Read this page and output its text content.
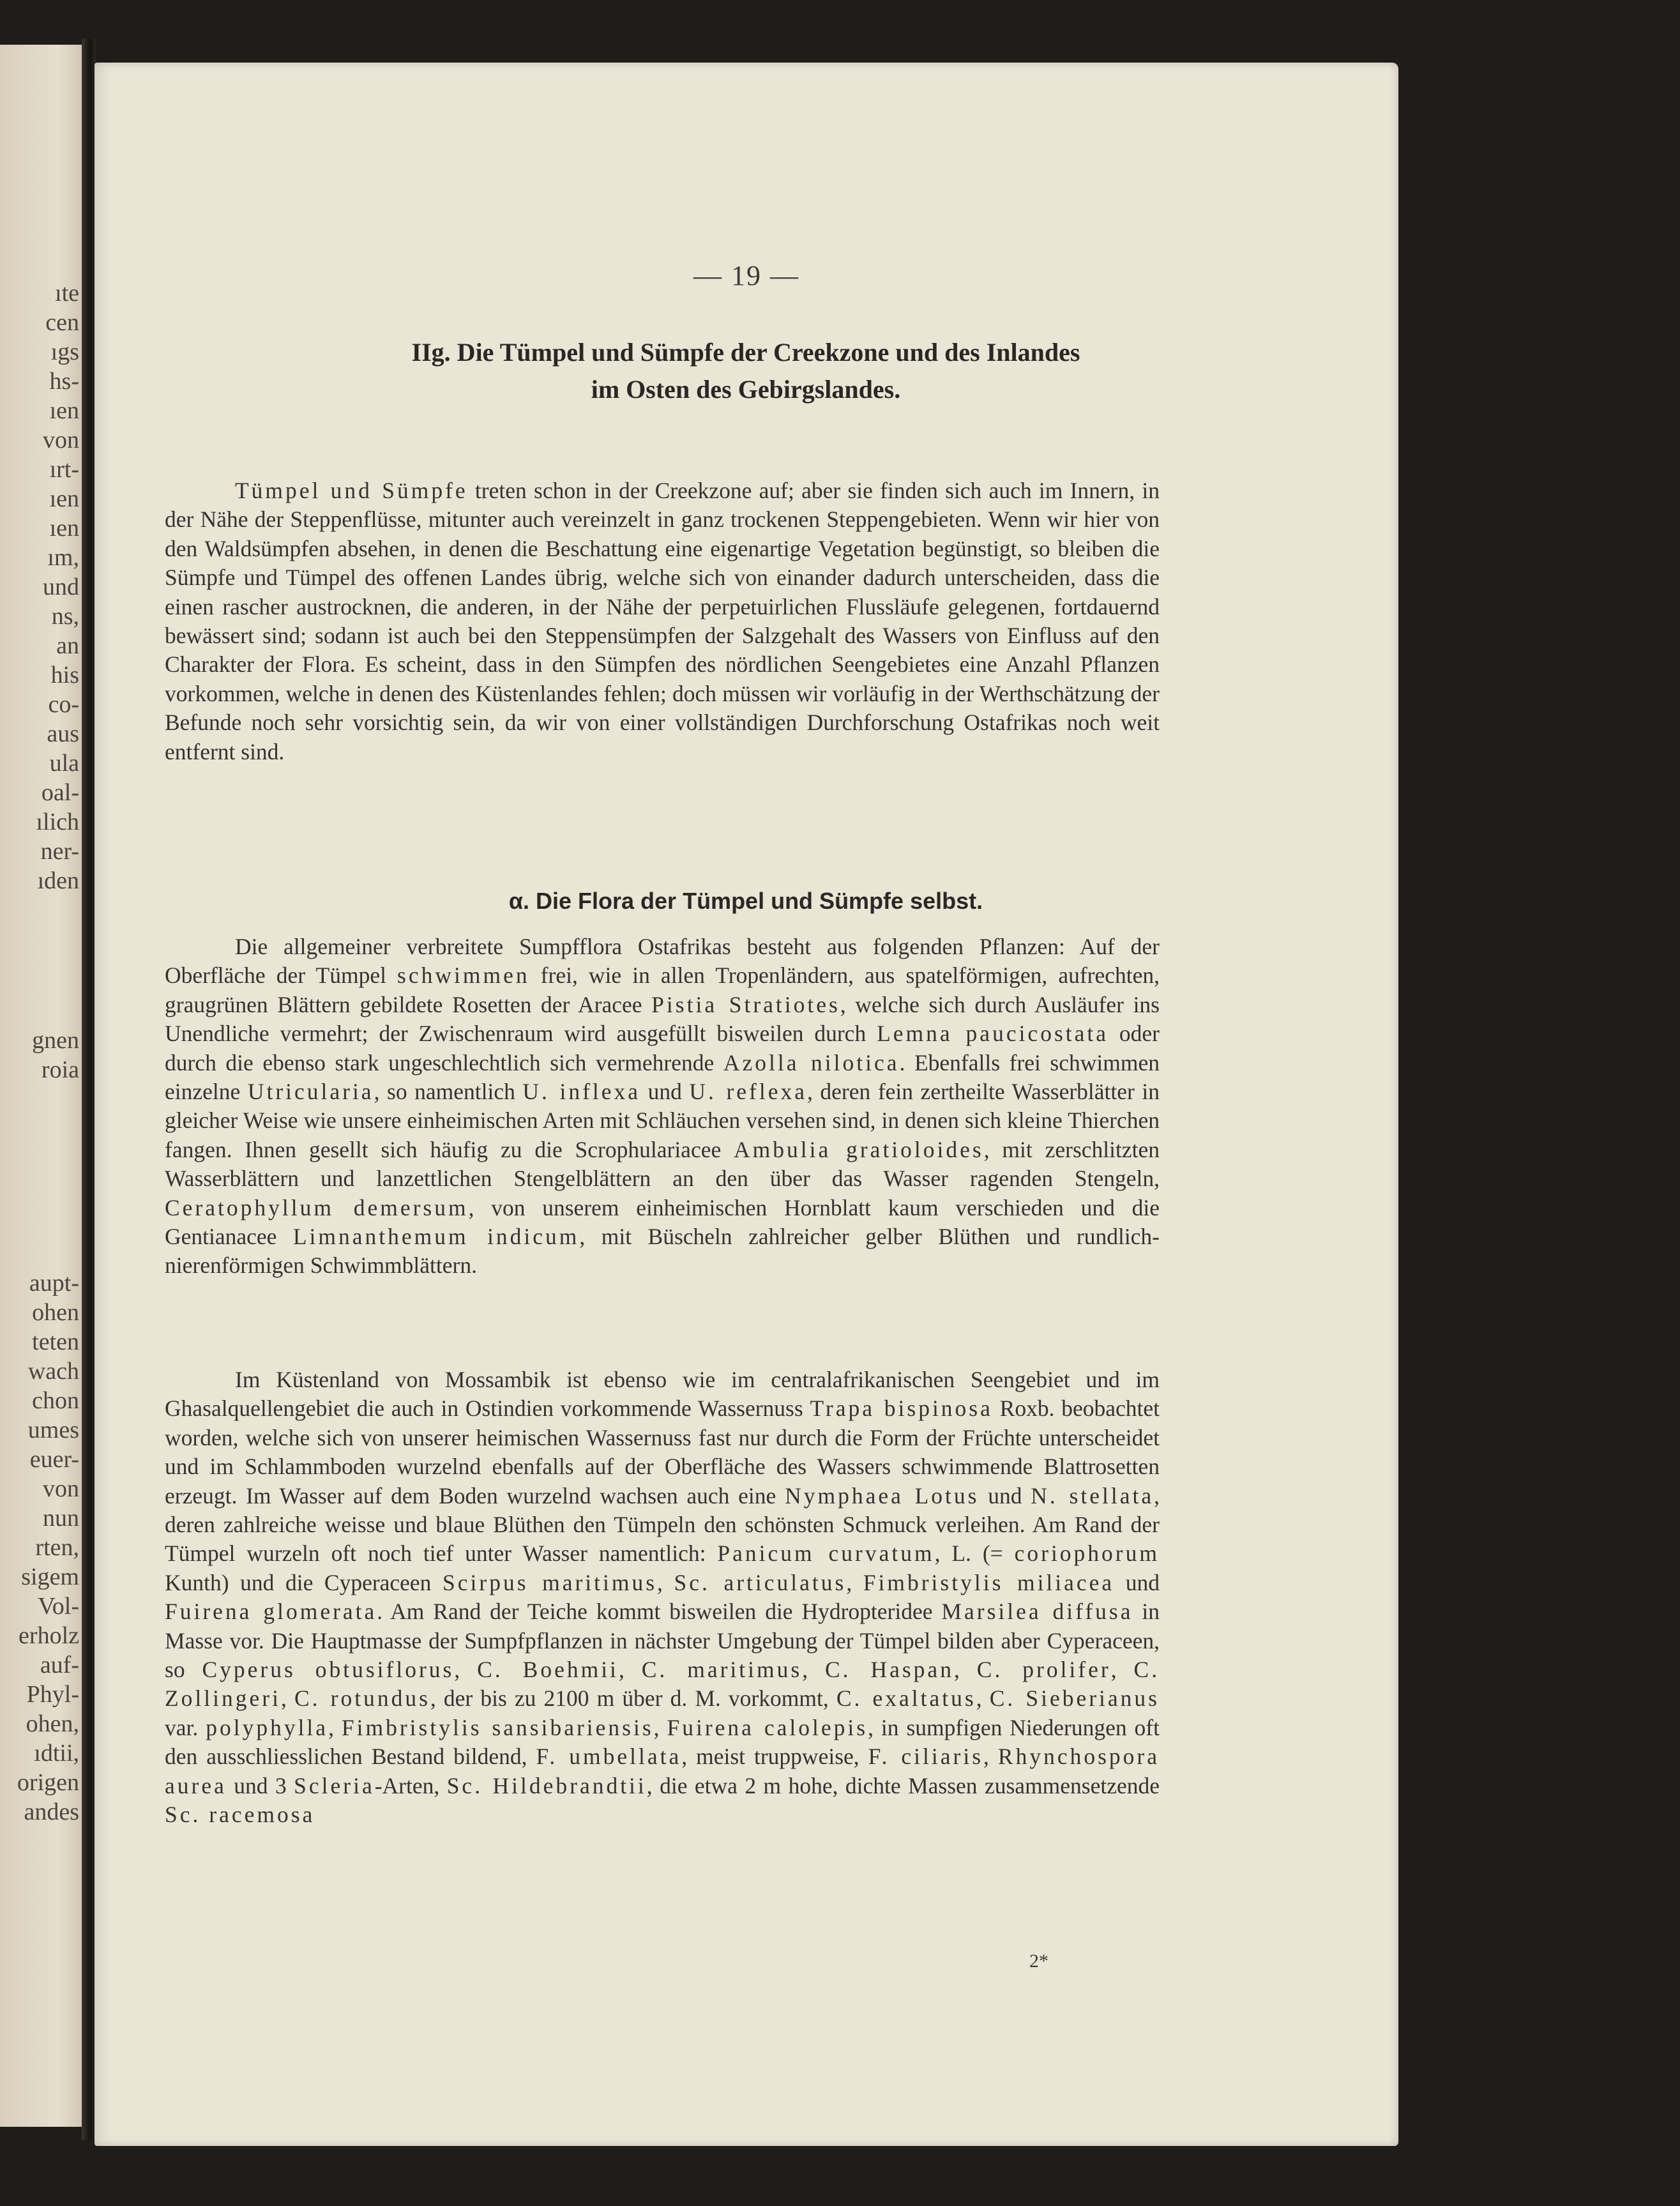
ıte
cen
ıgs
hs-
ıen
von
ırt-
ıen
ıen
ım,
und
ns,
an
his
co-
aus
ula
oal-
ılich
ner-
ıden
gnen
roia
aupt-
ohen
teten
wach
chon
umes
euer-
von
nun
rten,
sigem
Vol-
erholz
auf-
Phyl-
ohen,
ıdtii,
origen
andes
— 19 —
IIg. Die Tümpel und Sümpfe der Creekzone und des Inlandes
im Osten des Gebirgslandes.

Tümpel und Sümpfe treten schon in der Creekzone auf; aber sie finden sich auch im Innern, in der Nähe der Steppenflüsse, mitunter auch vereinzelt in ganz trockenen Steppengebieten. Wenn wir hier von den Waldsümpfen absehen, in denen die Beschattung eine eigenartige Vegetation begünstigt, so bleiben die Sümpfe und Tümpel des offenen Landes übrig, welche sich von einander dadurch unterscheiden, dass die einen rascher austrocknen, die anderen, in der Nähe der perpetuirlichen Flussläufe gelegenen, fortdauernd bewässert sind; sodann ist auch bei den Steppensümpfen der Salzgehalt des Wassers von Einfluss auf den Charakter der Flora. Es scheint, dass in den Sümpfen des nördlichen Seengebietes eine Anzahl Pflanzen vorkommen, welche in denen des Küstenlandes fehlen; doch müssen wir vorläufig in der Werthschätzung der Befunde noch sehr vorsichtig sein, da wir von einer vollständigen Durchforschung Ostafrikas noch weit entfernt sind.

α. Die Flora der Tümpel und Sümpfe selbst.

Die allgemeiner verbreitete Sumpfflora Ostafrikas besteht aus folgenden Pflanzen: Auf der Oberfläche der Tümpel schwimmen frei, wie in allen Tropenländern, aus spatelförmigen, aufrechten, graugrünen Blättern gebildete Rosetten der Aracee Pistia Stratiotes, welche sich durch Ausläufer ins Unendliche vermehrt; der Zwischenraum wird ausgefüllt bisweilen durch Lemna paucicostata oder durch die ebenso stark ungeschlechtlich sich vermehrende Azolla nilotica. Ebenfalls frei schwimmen einzelne Utricularia, so namentlich U. inflexa und U. reflexa, deren fein zertheilte Wasserblätter in gleicher Weise wie unsere einheimischen Arten mit Schläuchen versehen sind, in denen sich kleine Thierchen fangen. Ihnen gesellt sich häufig zu die Scrophulariacee Ambulia gratioloides, mit zerschlitzten Wasserblättern und lanzettlichen Stengelblättern an den über das Wasser ragenden Stengeln, Ceratophyllum demersum, von unserem einheimischen Hornblatt kaum verschieden und die Gentianacee Limnanthemum indicum, mit Büscheln zahlreicher gelber Blüthen und rundlich-nierenförmigen Schwimmblättern.

Im Küstenland von Mossambik ist ebenso wie im centralafrikanischen Seengebiet und im Ghasalquellengebiet die auch in Ostindien vorkommende Wassernuss Trapa bispinosa Roxb. beobachtet worden, welche sich von unserer heimischen Wassernuss fast nur durch die Form der Früchte unterscheidet und im Schlammboden wurzelnd ebenfalls auf der Oberfläche des Wassers schwimmende Blattrosetten erzeugt. Im Wasser auf dem Boden wurzelnd wachsen auch eine Nymphaea Lotus und N. stellata, deren zahlreiche weisse und blaue Blüthen den Tümpeln den schönsten Schmuck verleihen. Am Rand der Tümpel wurzeln oft noch tief unter Wasser namentlich: Panicum curvatum, L. (= coriophorum Kunth) und die Cyperaceen Scirpus maritimus, Sc. articulatus, Fimbristylis miliacea und Fuirena glomerata. Am Rand der Teiche kommt bisweilen die Hydropteridee Marsilea diffusa in Masse vor. Die Hauptmasse der Sumpfpflanzen in nächster Umgebung der Tümpel bilden aber Cyperaceen, so Cyperus obtusiflorus, C. Boehmii, C. maritimus, C. Haspan, C. prolifer, C. Zollingeri, C. rotundus, der bis zu 2100 m über d. M. vorkommt, C. exaltatus, C. Sieberianus var. polyphylla, Fimbristylis sansibariensis, Fuirena calolepis, in sumpfigen Niederungen oft den ausschliesslichen Bestand bildend, F. umbellata, meist truppweise, F. ciliaris, Rhynchospora aurea und 3 Scleria-Arten, Sc. Hildebrandtii, die etwa 2 m hohe, dichte Massen zusammensetzende Sc. racemosa

2*
